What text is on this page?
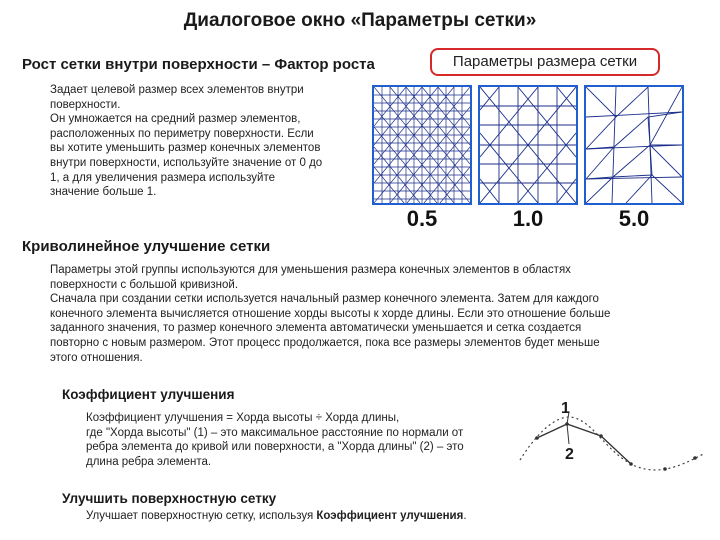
Диалоговое окно «Параметры сетки»
Рост сетки внутри поверхности – Фактор роста	Параметры размера сетки
Задает целевой размер всех элементов внутри
поверхности.
Он умножается на средний размер элементов,
расположенных по периметру поверхности. Если
вы хотите уменьшить размер конечных элементов
внутри поверхности, используйте значение от 0 до
1, а для увеличения размера используйте
значение больше 1.
0.5	1.0	5.0
Криволинейное улучшение сетки
Параметры этой группы используются для уменьшения размера конечных элементов в областях
поверхности с большой кривизной.
Сначала при создании сетки используется начальный размер конечного элемента. Затем для каждого
конечного элемента вычисляется отношение хорды высоты к хорде длины. Если это отношение больше
заданного значения, то размер конечного элемента автоматически уменьшается и сетка создается
повторно с новым размером. Этот процесс продолжается, пока все размеры элементов будет меньше
этого отношения.
Коэффициент улучшения
Коэффициент улучшения = Хорда высоты ÷ Хорда длины,
где "Хорда высоты" (1) – это максимальное расстояние по нормали от
ребра элемента до кривой или поверхности, а "Хорда длины" (2) – это
длина ребра элемента.
1
2
Улучшить поверхностную сетку
Улучшает поверхностную сетку, используя Коэффициент улучшения.
